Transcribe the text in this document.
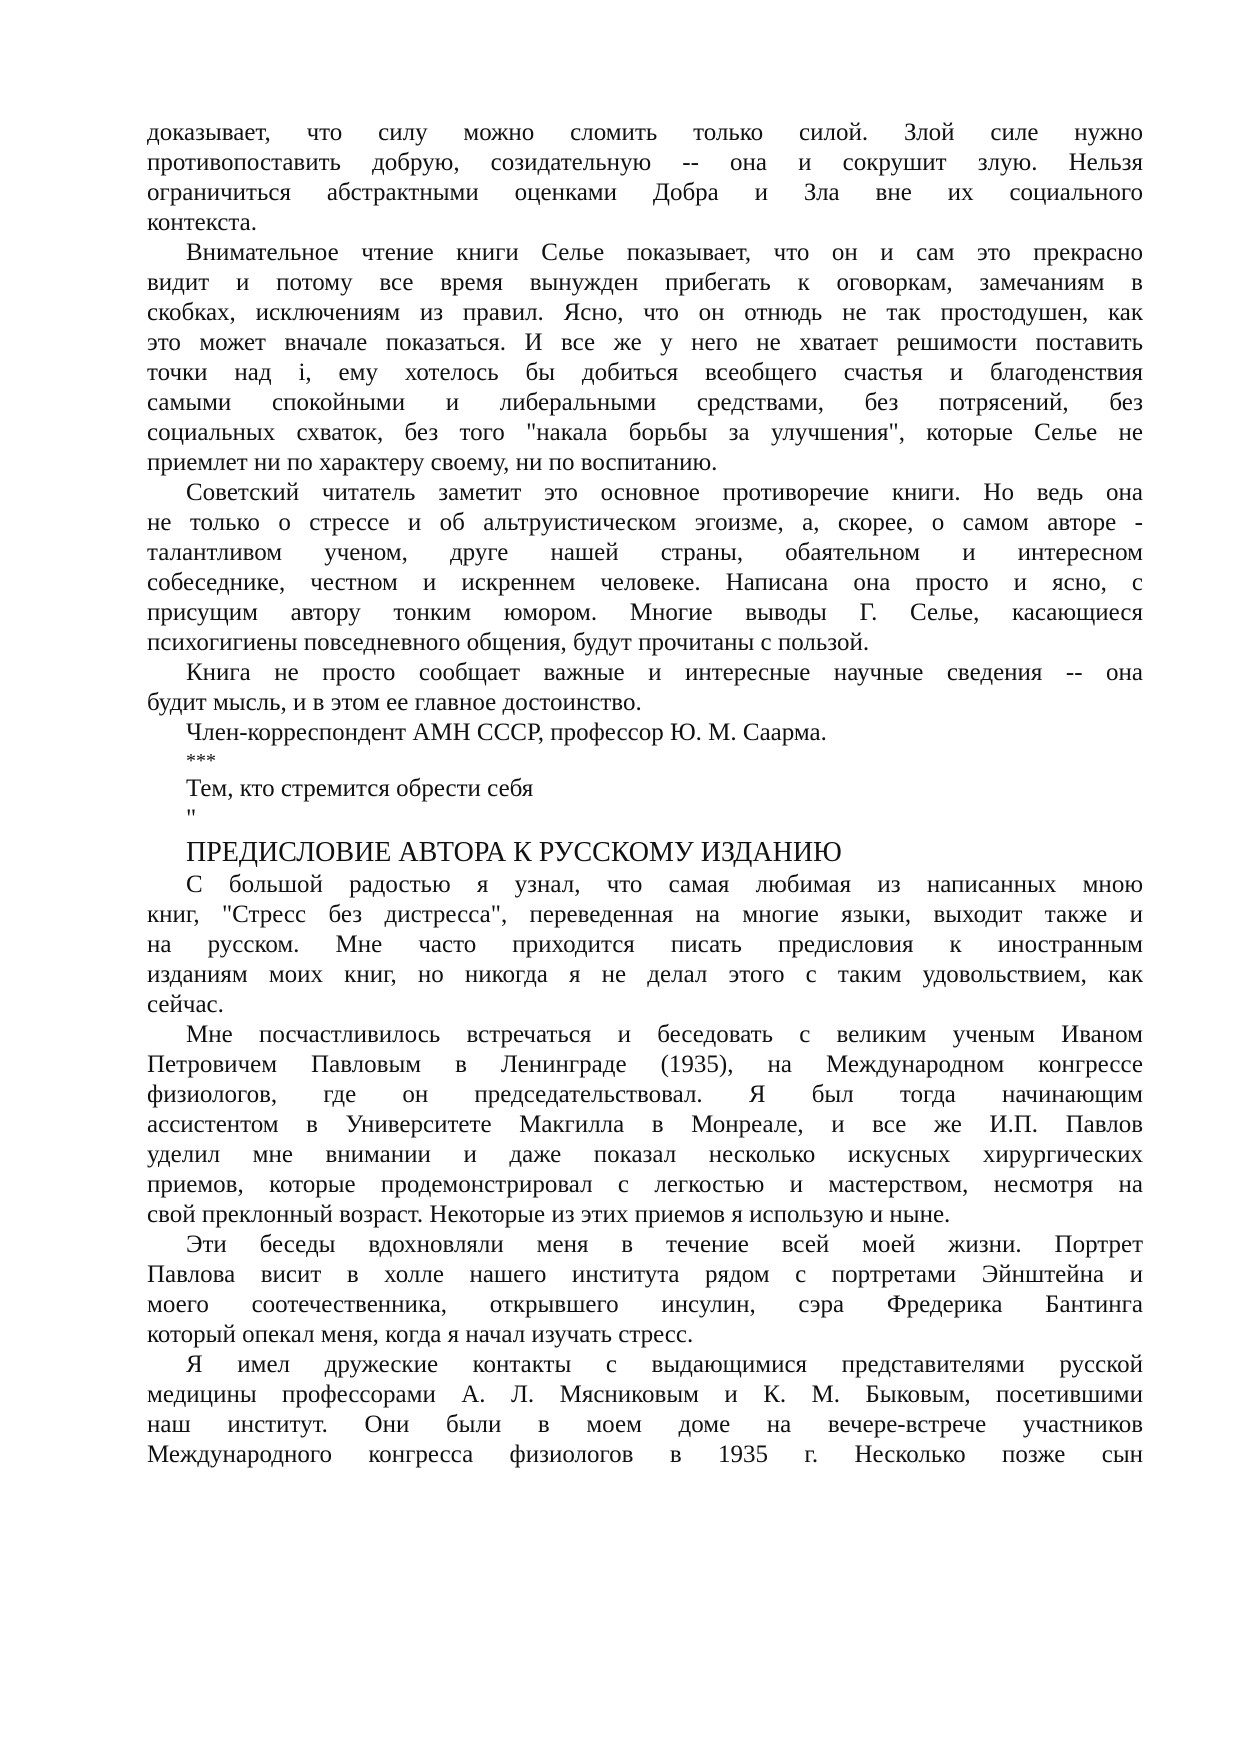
доказывает, что силу можно сломить только силой. Злой силе нужно
противопоставить добрую, созидательную -- она и сокрушит злую. Нельзя
ограничиться абстрактными оценками Добра и Зла вне их социального
контекста.
Внимательное чтение книги Селье показывает, что он и сам это прекрасно
видит и потому все время вынужден прибегать к оговоркам, замечаниям в
скобках, исключениям из правил. Ясно, что он отнюдь не так простодушен, как
это может вначале показаться. И все же у него не хватает решимости поставить
точки над i, ему хотелось бы добиться всеобщего счастья и благоденствия
самыми спокойными и либеральными средствами, без потрясений, без
социальных схваток, без того "накала борьбы за улучшения", которые Селье не
приемлет ни по характеру своему, ни по воспитанию.
Советский читатель заметит это основное противоречие книги. Но ведь она
не только о стрессе и об альтруистическом эгоизме, а, скорее, о самом авторе -
талантливом ученом, друге нашей страны, обаятельном и интересном
собеседнике, честном и искреннем человеке. Написана она просто и ясно, с
присущим автору тонким юмором. Многие выводы Г. Селье, касающиеся
психогигиены повседневного общения, будут прочитаны с пользой.
Книга не просто сообщает важные и интересные научные сведения -- она
будит мысль, и в этом ее главное достоинство.
Член-корреспондент АМН СССР, профессор Ю. М. Саарма.
***
Тем, кто стремится обрести себя
"
ПРЕДИСЛОВИЕ АВТОРА К РУССКОМУ ИЗДАНИЮ
С большой радостью я узнал, что самая любимая из написанных мною
книг, "Стресс без дистресса", переведенная на многие языки, выходит также и
на русском. Мне часто приходится писать предисловия к иностранным
изданиям моих книг, но никогда я не делал этого с таким удовольствием, как
сейчас.
Мне посчастливилось встречаться и беседовать с великим ученым Иваном
Петровичем Павловым в Ленинграде (1935), на Международном конгрессе
физиологов, где он председательствовал. Я был тогда начинающим
ассистентом в Университете Макгилла в Монреале, и все же И.П. Павлов
уделил мне внимании и даже показал несколько искусных хирургических
приемов, которые продемонстрировал с легкостью и мастерством, несмотря на
свой преклонный возраст. Некоторые из этих приемов я использую и ныне.
Эти беседы вдохновляли меня в течение всей моей жизни. Портрет
Павлова висит в холле нашего института рядом с портретами Эйнштейна и
моего соотечественника, открывшего инсулин, сэра Фредерика Бантинга
который опекал меня, когда я начал изучать стресс.
Я имел дружеские контакты с выдающимися представителями русской
медицины профессорами А. Л. Мясниковым и К. М. Быковым, посетившими
наш институт. Они были в моем доме на вечере-встрече участников
Международного конгресса физиологов в 1935 г. Несколько позже сын
